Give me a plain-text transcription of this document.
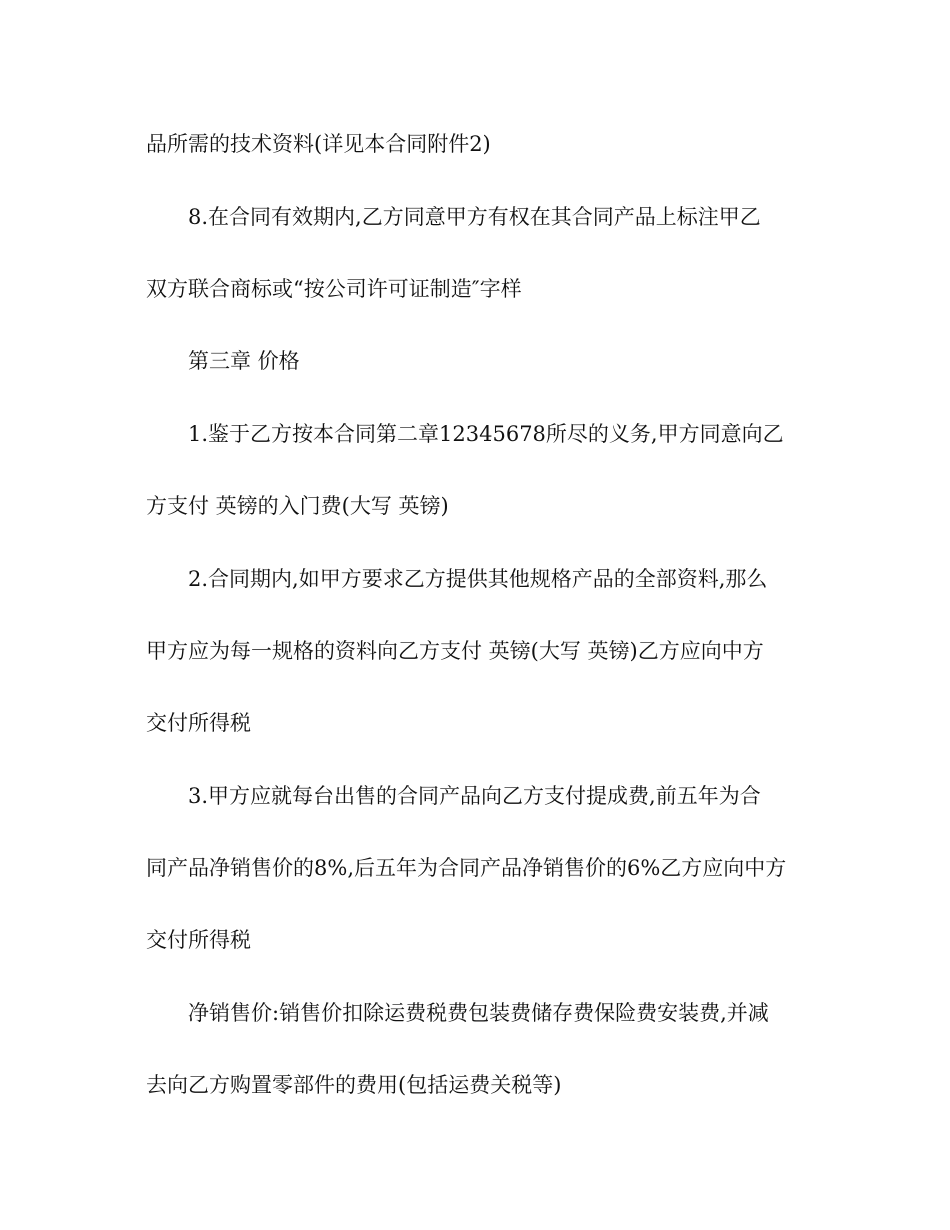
品所需的技术资料(详见本合同附件2)

8.在合同有效期内,乙方同意甲方有权在其合同产品上标注甲乙

双方联合商标或“按公司许可证制造″字样

第三章 价格

1.鉴于乙方按本合同第二章12345678所尽的义务,甲方同意向乙

方支付 英镑的入门费(大写 英镑)

2.合同期内,如甲方要求乙方提供其他规格产品的全部资料,那么

甲方应为每一规格的资料向乙方支付 英镑(大写 英镑)乙方应向中方

交付所得税

3.甲方应就每台出售的合同产品向乙方支付提成费,前五年为合

同产品净销售价的8%,后五年为合同产品净销售价的6%乙方应向中方

交付所得税

净销售价:销售价扣除运费税费包装费储存费保险费安装费,并减

去向乙方购置零部件的费用(包括运费关税等)
